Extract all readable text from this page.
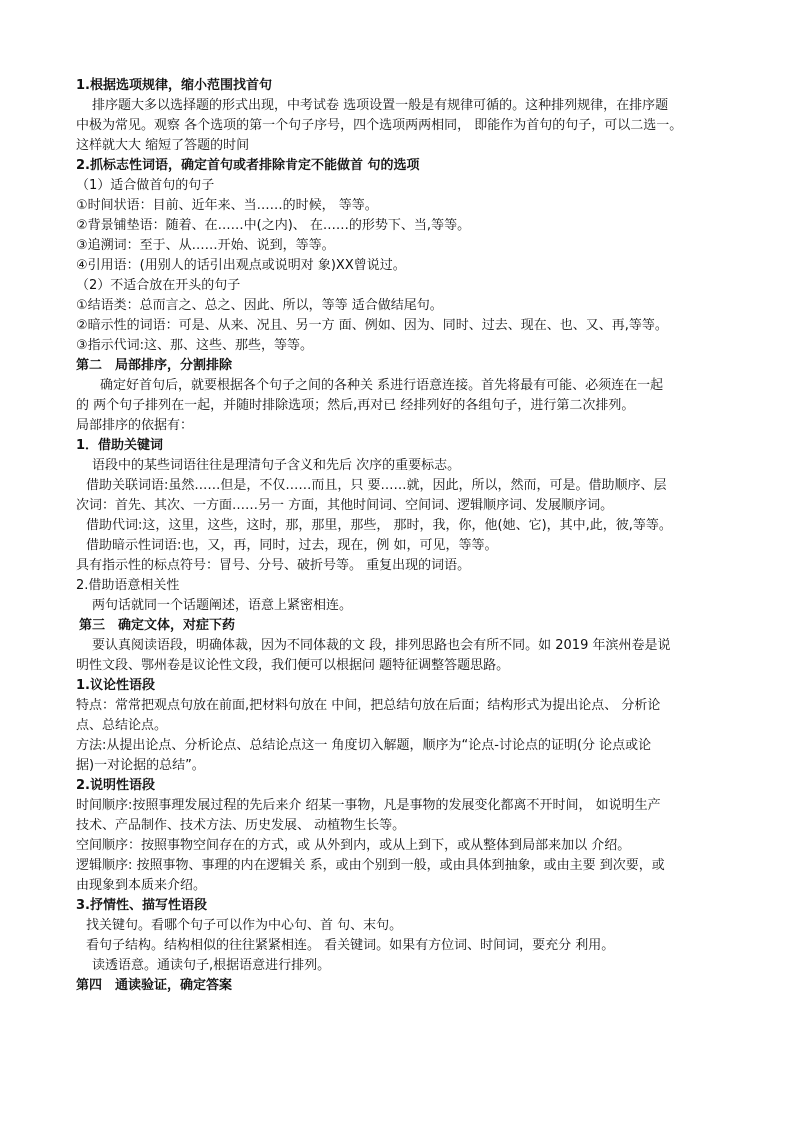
1.根据选项规律，缩小范围找首句
排序题大多以选择题的形式出现，中考试卷 选项设置一般是有规律可循的。这种排列规律，在排序题
中极为常见。观察 各个选项的第一个句子序号，四个选项两两相同， 即能作为首句的句子，可以二选一。
这样就大大 缩短了答题的时间
2.抓标志性词语，确定首句或者排除肯定不能做首 句的选项
（1）适合做首句的句子
①时间状语：目前、近年来、当……的时候， 等等。
②背景铺垫语：随着、在……中(之内)、 在……的形势下、当,等等。
③追溯词：至于、从……开始、说到，等等。
④引用语：(用别人的话引出观点或说明对 象)XX曾说过。
（2）不适合放在开头的句子
①结语类：总而言之、总之、因此、所以，等等 适合做结尾句。
②暗示性的词语：可是、从来、况且、另一方 面、例如、因为、同时、过去、现在、也、又、再,等等。
③指示代词:这、那、这些、那些，等等。
第二　局部排序，分割排除
确定好首句后，就要根据各个句子之间的各种关 系进行语意连接。首先将最有可能、必须连在一起
的 两个句子排列在一起，并随时排除选项；然后,再对已 经排列好的各组句子，进行第二次排列。
局部排序的依据有：
1．借助关键词
语段中的某些词语往往是理清句子含义和先后 次序的重要标志。
借助关联词语:虽然……但是，不仅……而且，只 要……就，因此，所以，然而，可是。借助顺序、层
次词：首先、其次、一方面……另一 方面，其他时间词、空间词、逻辑顺序词、发展顺序词。
借助代词:这，这里，这些，这时，那，那里，那些， 那时，我，你，他(她、它)，其中,此，彼,等等。
借助暗示性词语:也，又，再，同时，过去，现在，例 如，可见，等等。
具有指示性的标点符号：冒号、分号、破折号等。 重复出现的词语。
2.借助语意相关性
两句话就同一个话题阐述，语意上紧密相连。
第三　确定文体，对症下药
要认真阅读语段，明确体裁，因为不同体裁的文 段，排列思路也会有所不同。如 2019 年滨州卷是说
明性文段、鄂州卷是议论性文段，我们便可以根据问 题特征调整答题思路。
1.议论性语段
特点：常常把观点句放在前面,把材料句放在 中间，把总结句放在后面；结构形式为提出论点、 分析论
点、总结论点。
方法:从提出论点、分析论点、总结论点这一 角度切入解题，顺序为“论点-讨论点的证明(分 论点或论
据)一对论据的总结”。
2.说明性语段
时间顺序:按照事理发展过程的先后来介 绍某一事物，凡是事物的发展变化都离不开时间， 如说明生产
技术、产品制作、技术方法、历史发展、 动植物生长等。
空间顺序：按照事物空间存在的方式，或 从外到内，或从上到下，或从整体到局部来加以 介绍。
逻辑顺序: 按照事物、事理的内在逻辑关 系，或由个别到一般，或由具体到抽象，或由主要 到次要，或
由现象到本质来介绍。
3.抒情性、描写性语段
找关键句。看哪个句子可以作为中心句、首 句、末句。
看句子结构。结构相似的往往紧紧相连。 看关键词。如果有方位词、时间词，要充分 利用。
读透语意。通读句子,根据语意进行排列。
第四　通读验证，确定答案
